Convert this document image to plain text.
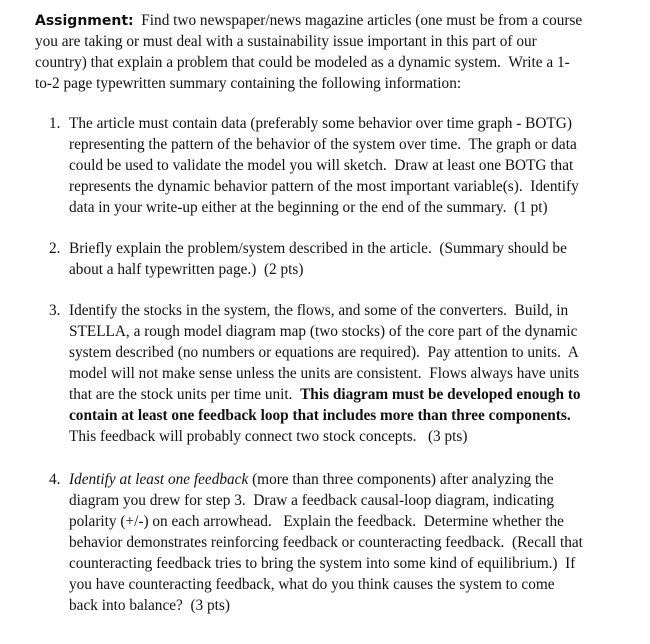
Assignment:  Find two newspaper/news magazine articles (one must be from a course
you are taking or must deal with a sustainability issue important in this part of our
country) that explain a problem that could be modeled as a dynamic system.  Write a 1-
to-2 page typewritten summary containing the following information:
1. The article must contain data (preferably some behavior over time graph - BOTG)
representing the pattern of the behavior of the system over time.  The graph or data
could be used to validate the model you will sketch.  Draw at least one BOTG that
represents the dynamic behavior pattern of the most important variable(s).  Identify
data in your write-up either at the beginning or the end of the summary.  (1 pt)
2. Briefly explain the problem/system described in the article.  (Summary should be
about a half typewritten page.)  (2 pts)
3. Identify the stocks in the system, the flows, and some of the converters.  Build, in
STELLA, a rough model diagram map (two stocks) of the core part of the dynamic
system described (no numbers or equations are required).  Pay attention to units.  A
model will not make sense unless the units are consistent.  Flows always have units
that are the stock units per time unit.  This diagram must be developed enough to
contain at least one feedback loop that includes more than three components.
This feedback will probably connect two stock concepts.   (3 pts)
4. Identify at least one feedback (more than three components) after analyzing the
diagram you drew for step 3.  Draw a feedback causal-loop diagram, indicating
polarity (+/-) on each arrowhead.   Explain the feedback.  Determine whether the
behavior demonstrates reinforcing feedback or counteracting feedback.  (Recall that
counteracting feedback tries to bring the system into some kind of equilibrium.)  If
you have counteracting feedback, what do you think causes the system to come
back into balance?  (3 pts)
